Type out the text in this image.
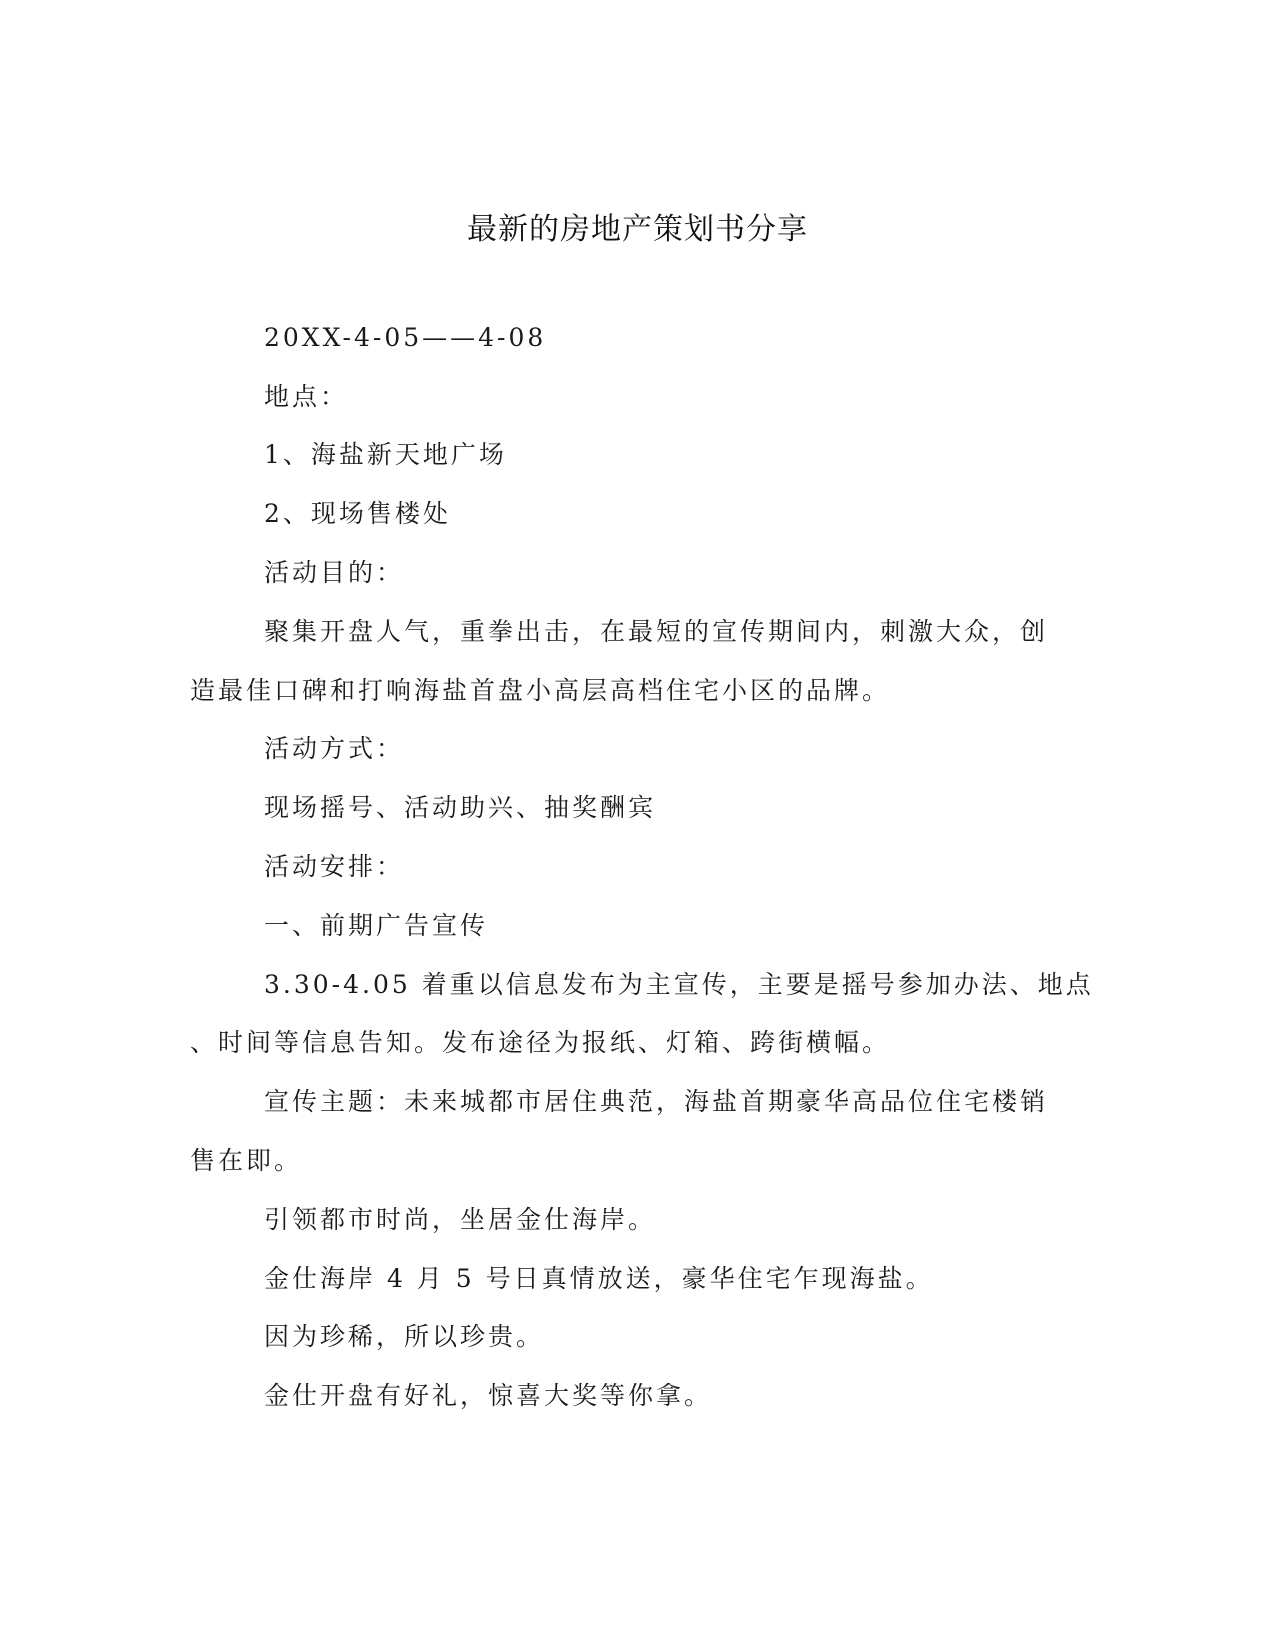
最新的房地产策划书分享
20XX-4-05——4-08
地点：
1、海盐新天地广场
2、现场售楼处
活动目的：
聚集开盘人气，重拳出击，在最短的宣传期间内，刺激大众，创
造最佳口碑和打响海盐首盘小高层高档住宅小区的品牌。
活动方式：
现场摇号、活动助兴、抽奖酬宾
活动安排：
一、前期广告宣传
3.30-4.05 着重以信息发布为主宣传，主要是摇号参加办法、地点
、时间等信息告知。发布途径为报纸、灯箱、跨街横幅。
宣传主题：未来城都市居住典范，海盐首期豪华高品位住宅楼销
售在即。
引领都市时尚，坐居金仕海岸。
金仕海岸 4 月 5 号日真情放送，豪华住宅乍现海盐。
因为珍稀，所以珍贵。
金仕开盘有好礼，惊喜大奖等你拿。
